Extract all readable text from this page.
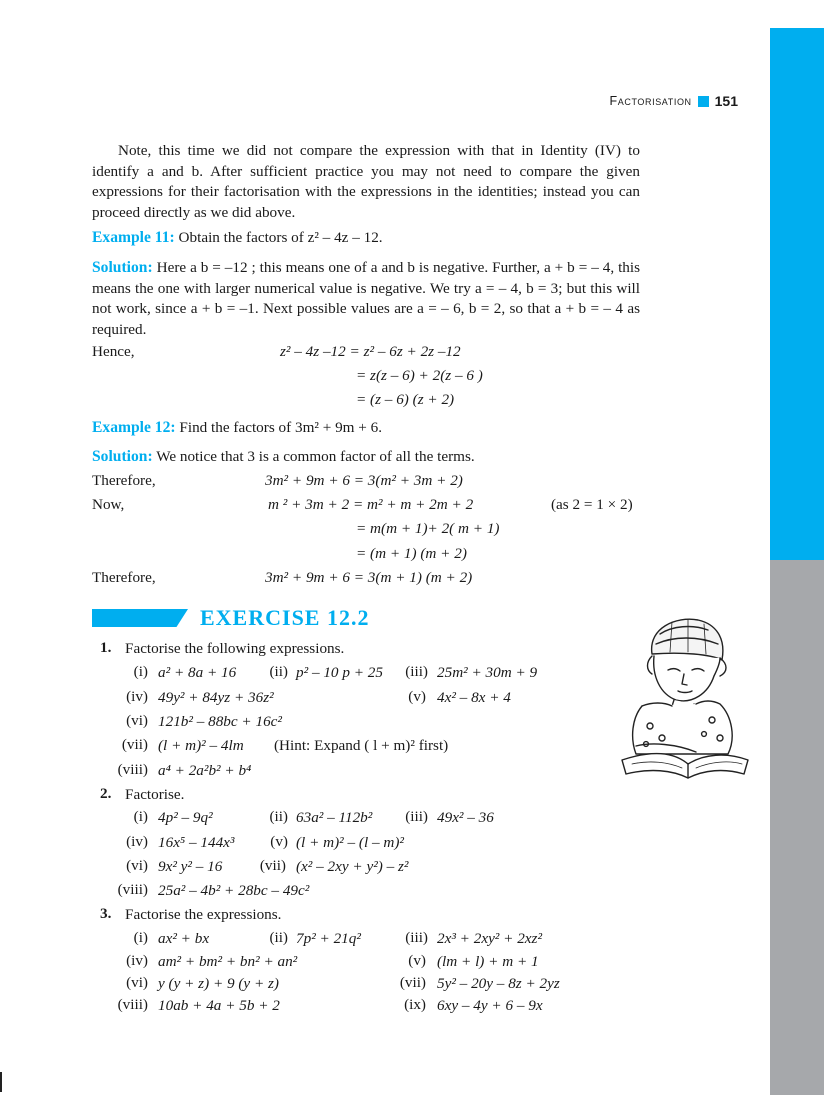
Factorisation 151

Note, this time we did not compare the expression with that in Identity (IV) to identify a and b. After sufficient practice you may not need to compare the given expressions for their factorisation with the expressions in the identities; instead you can proceed directly as we did above.

Example 11: Obtain the factors of z² – 4z – 12.

Solution: Here a b = –12 ; this means one of a and b is negative. Further, a + b = – 4, this means the one with larger numerical value is negative. We try a = – 4, b = 3; but this will not work, since a + b = –1. Next possible values are a = – 6, b = 2, so that a + b = – 4 as required.

Hence,	z² – 4z –12 = z² – 6z + 2z –12
= z(z – 6) + 2(z – 6 )
= (z – 6) (z + 2)
Example 12: Find the factors of 3m² + 9m + 6.
Solution: We notice that 3 is a common factor of all the terms.
Therefore,	3m² + 9m + 6 = 3(m² + 3m + 2)
Now,	m ² + 3m + 2 = m² + m + 2m + 2	(as 2 = 1 × 2)
= m(m + 1)+ 2( m + 1)
= (m + 1) (m + 2)
Therefore,	3m² + 9m + 6 = 3(m + 1) (m + 2)
EXERCISE 12.2
1. Factorise the following expressions.
(i) a² + 8a + 16	(ii) p² – 10 p + 25	(iii) 25m² + 30m + 9
(iv) 49y² + 84yz + 36z²	(v) 4x² – 8x + 4
(vi) 121b² – 88bc + 16c²
(vii) (l + m)² – 4lm (Hint: Expand ( l + m)² first)
(viii) a⁴ + 2a²b² + b⁴
2. Factorise.
(i) 4p² – 9q²	(ii) 63a² – 112b²	(iii) 49x² – 36
(iv) 16x⁵ – 144x³	(v) (l + m)² – (l – m)²
(vi) 9x² y² – 16	(vii) (x² – 2xy + y²) – z²
(viii) 25a² – 4b² + 28bc – 49c²
3. Factorise the expressions.
(i) ax² + bx	(ii) 7p² + 21q²	(iii) 2x³ + 2xy² + 2xz²
(iv) am² + bm² + bn² + an²	(v) (lm + l) + m + 1
(vi) y (y + z) + 9 (y + z)	(vii) 5y² – 20y – 8z + 2yz
(viii) 10ab + 4a + 5b + 2	(ix) 6xy – 4y + 6 – 9x
